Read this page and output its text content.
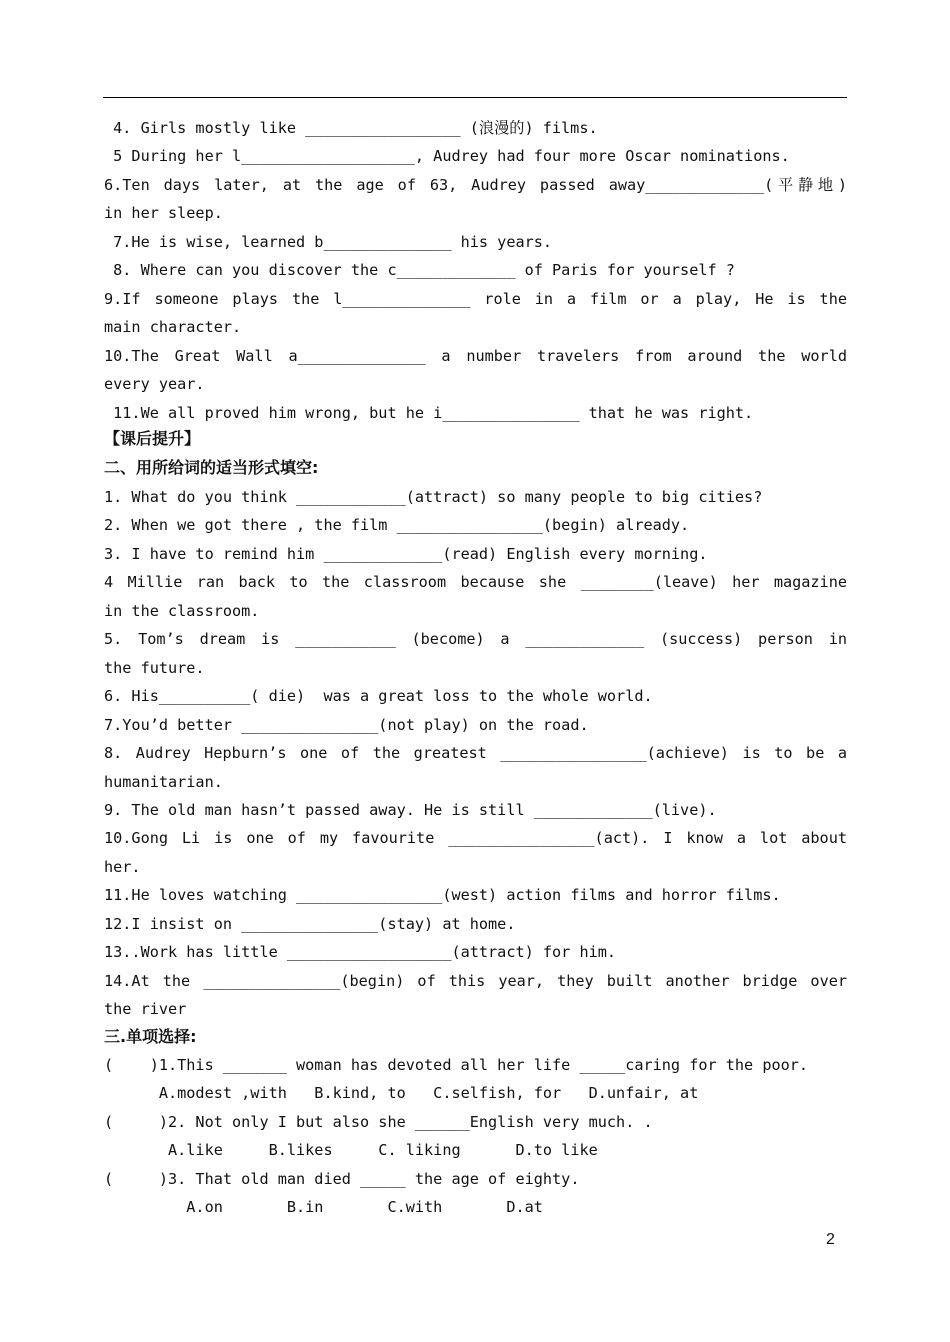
4. Girls mostly like _________________ (浪漫的) films.
5 During her l___________________, Audrey had four more Oscar nominations.
6.Ten days later, at the age of 63, Audrey passed away_____________(平静地)
in her sleep.
7.He is wise, learned b______________ his years.
8. Where can you discover the c_____________ of Paris for yourself ?
9.If someone plays the l______________ role in a film or a play, He is the
main character.
10.The Great Wall a______________ a number travelers from around the world
every year.
11.We all proved him wrong, but he i_______________ that he was right.
【课后提升】
二、用所给词的适当形式填空:
1. What do you think ____________(attract) so many people to big cities?
2. When we got there , the film ________________(begin) already.
3. I have to remind him _____________(read) English every morning.
4 Millie ran back to the classroom because she ________(leave) her magazine
in the classroom.
5. Tom’s dream is ___________ (become) a _____________ (success) person in
the future.
6. His__________( die)  was a great loss to the whole world.
7.You’d better _______________(not play) on the road.
8. Audrey Hepburn’s one of the greatest ________________(achieve) is to be a
humanitarian.
9. The old man hasn’t passed away. He is still _____________(live).
10.Gong Li is one of my favourite ________________(act). I know a lot about
her.
11.He loves watching ________________(west) action films and horror films.
12.I insist on _______________(stay) at home.
13..Work has little __________________(attract) for him.
14.At the _______________(begin) of this year, they built another bridge over
the river
三.单项选择:
(    )1.This _______ woman has devoted all her life _____caring for the poor.
A.modest ,with   B.kind, to   C.selfish, for   D.unfair, at
(     )2. Not only I but also she ______English very much. .
A.like     B.likes     C. liking      D.to like
(     )3. That old man died _____ the age of eighty.
A.on       B.in       C.with       D.at
2
